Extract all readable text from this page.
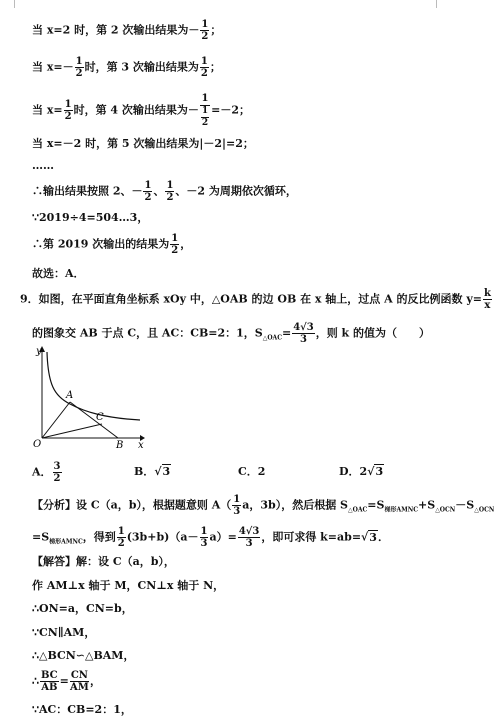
当 x=2 时，第 2 次输出结果为－ $\frac{1}{2}$ ；
当 $x=- \frac{1}{2}$ 时，第 3 次输出结果为 $\frac{1}{2}$ ；
当 $x= \frac{1}{2}$ 时，第 4 次输出结果为－ $\frac{1}{\frac{1}{2}} =-2$；
当 x=－2 时，第 5 次输出结果为|－2|=2；
……
∴输出结果按照 2、－ $\frac{1}{2}$ 、 $\frac{1}{2}$ 、－2 为周期依次循环，
∵2019÷4=504…3，
∴第 2019 次输出的结果为 $\frac{1}{2}$ ，
故选：A．
9．如图，在平面直角坐标系 xOy 中，△OAB 的边 OB 在 x 轴上，过点 A 的反比例函数 $y= \frac{k}{x}$
的图象交 AB 于点 C，且 AC：CB=2：1，$S_{\triangle OAC}= \frac{4√3}{3}$ ，则 k 的值为（　　）
y
x
O
A
C
B
A． $\frac{3}{2}$	B．√3	C．2	D．2√3
【分析】设 C（a，b），根据题意则 $A( \frac{1}{3}$ a，3b），然后根据 $S_{\triangle OAC}=S_{梯形AMNC}+S_{\triangle OCN}-S_{\triangle OCN}$
$=S_{梯形AMNC}$，得到 $\frac{1}{2} (3b+b)(a- \frac{1}{3} a)= \frac{4√3}{3}$ ，即可求得 k=ab=√3．
【解答】解：设 C（a，b），
作 AM⊥x 轴于 M，CN⊥x 轴于 N，
∴ON=a，CN=b，
∵CN∥AM，
∴△BCN∽△BAM，
∴ $\frac{BC}{AB} = \frac{CN}{AM}$ ，
∵AC：CB=2：1，
